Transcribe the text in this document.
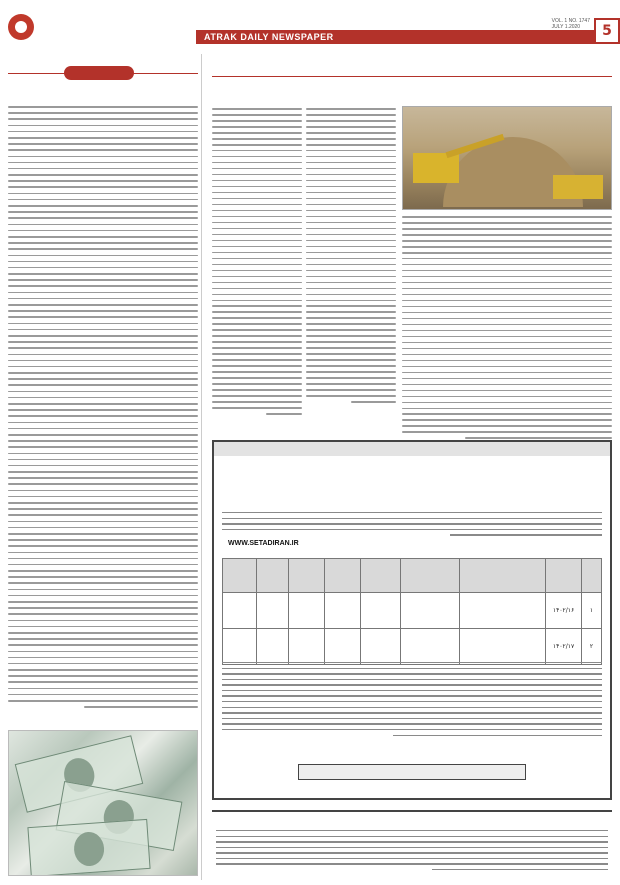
ATRAK DAILY NEWSPAPER
VOL. 1 NO. 1747
JULY 1.2020	5
WWW.SETADIRAN.IR

۱	۱۴۰۲/۱۶							
۲	۱۴۰۲/۱۷							
